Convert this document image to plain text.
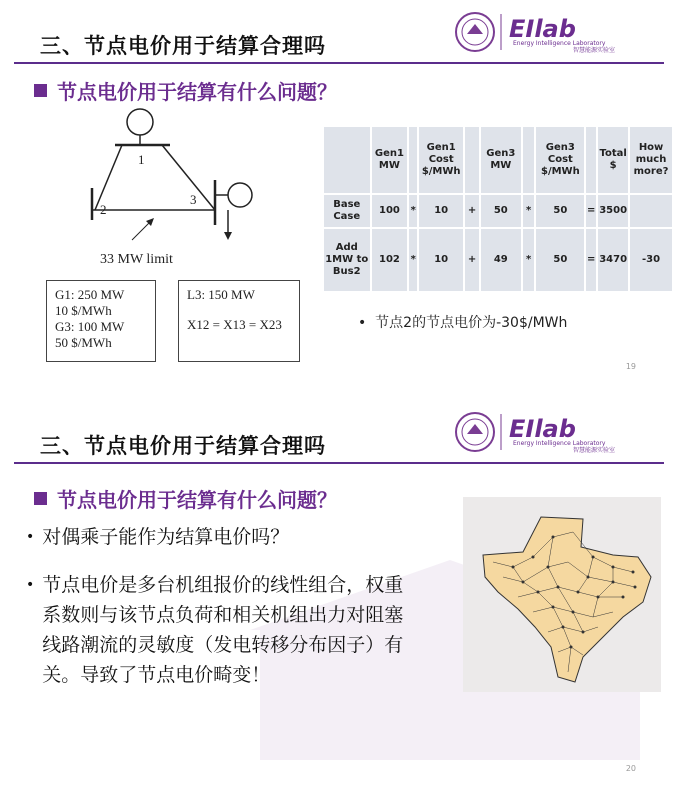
三、节点电价用于结算合理吗
EIlab
Energy Intelligence Laboratory
智慧能源实验室
节点电价用于结算有什么问题？
1
2
3
33 MW limit
G1: 250 MW
10 $/MWh
G3: 100 MW
50 $/MWh
L3: 150 MW
X12 = X13 = X23
	Gen1 MW		Gen1 Cost $/MWh		Gen3 MW		Gen3 Cost $/MWh		Total $	How much more?
Base Case	100	*	10	+	50	*	50	=	3500	
Add 1MW to Bus2	102	*	10	+	49	*	50	=	3470	-30
•  节点2的节点电价为-30$/MWh
19
三、节点电价用于结算合理吗
EIlab
Energy Intelligence Laboratory
智慧能源实验室
节点电价用于结算有什么问题？
• 对偶乘子能作为结算电价吗？
• 节点电价是多台机组报价的线性组合，权重系数则与该节点负荷和相关机组出力对阻塞线路潮流的灵敏度（发电转移分布因子）有关。导致了节点电价畸变！
20
